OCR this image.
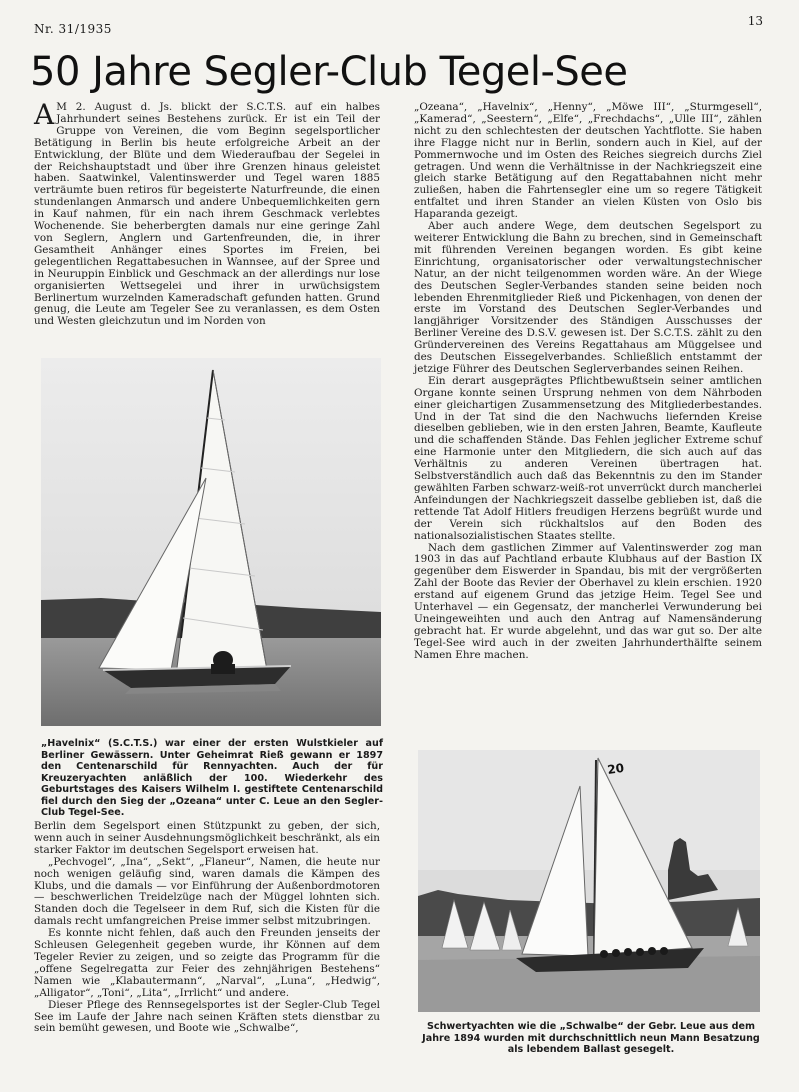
Nr. 31/1935
13
50 Jahre Segler-Club Tegel-See

A M 2. August d. Js. blickt der S.C.T.S. auf ein halbes Jahrhundert seines Bestehens zurück. Er ist ein Teil der Gruppe von Vereinen, die vom Beginn segelsportlicher Betätigung in Berlin bis heute erfolgreiche Arbeit an der Entwicklung, der Blüte und dem Wiederaufbau der Segelei in der Reichshauptstadt und über ihre Grenzen hinaus geleistet haben. Saatwinkel, Valentinswerder und Tegel waren 1885 verträumte buen retiros für begeisterte Naturfreunde, die einen stundenlangen Anmarsch und andere Unbequemlichkeiten gern in Kauf nahmen, für ein nach ihrem Geschmack verlebtes Wochenende. Sie beherbergten damals nur eine geringe Zahl von Seglern, Anglern und Gartenfreunden, die, in ihrer Gesamtheit Anhänger eines Sportes im Freien, bei gelegentlichen Regattabesuchen in Wannsee, auf der Spree und in Neuruppin Einblick und Geschmack an der allerdings nur lose organisierten Wettsegelei und ihrer in urwüchsigstem Berlinertum wurzelnden Kameradschaft gefunden hatten. Grund genug, die Leute am Tegeler See zu veranlassen, es dem Osten und Westen gleichzutun und im Norden von

„Havelnix“ (S.C.T.S.) war einer der ersten Wulstkieler auf Berliner Gewässern. Unter Geheimrat Rieß gewann er 1897 den Centenarschild für Rennyachten. Auch der für Kreuzeryachten anläßlich der 100. Wiederkehr des Geburtstages des Kaisers Wilhelm I. gestiftete Centenarschild fiel durch den Sieg der „Ozeana“ unter C. Leue an den Segler-Club Tegel-See.

Berlin dem Segelsport einen Stützpunkt zu geben, der sich, wenn auch in seiner Ausdehnungsmöglichkeit beschränkt, als ein starker Faktor im deutschen Segelsport erweisen hat.

„Pechvogel“, „Ina“, „Sekt“, „Flaneur“, Namen, die heute nur noch wenigen geläufig sind, waren damals die Kämpen des Klubs, und die damals — vor Einführung der Außenbordmotoren — beschwerlichen Treidelzüge nach der Müggel lohnten sich. Standen doch die Tegelseer in dem Ruf, sich die Kisten für die damals recht umfangreichen Preise immer selbst mitzubringen.

Es konnte nicht fehlen, daß auch den Freunden jenseits der Schleusen Gelegenheit gegeben wurde, ihr Können auf dem Tegeler Revier zu zeigen, und so zeigte das Programm für die „offene Segelregatta zur Feier des zehnjährigen Bestehens“ Namen wie „Klabautermann“, „Narval“, „Luna“, „Hedwig“, „Alligator“, „Toni“, „Lita“, „Irrlicht“ und andere.

Dieser Pflege des Rennsegelsportes ist der Segler-Club Tegel See im Laufe der Jahre nach seinen Kräften stets dienstbar zu sein bemüht gewesen, und Boote wie „Schwalbe“,

„Ozeana“, „Havelnix“, „Henny“, „Möwe III“, „Sturmgesell“, „Kamerad“, „Seestern“, „Elfe“, „Frechdachs“, „Ulle III“, zählen nicht zu den schlechtesten der deutschen Yachtflotte. Sie haben ihre Flagge nicht nur in Berlin, sondern auch in Kiel, auf der Pommernwoche und im Osten des Reiches siegreich durchs Ziel getragen. Und wenn die Verhältnisse in der Nachkriegszeit eine gleich starke Betätigung auf den Regattabahnen nicht mehr zuließen, haben die Fahrtensegler eine um so regere Tätigkeit entfaltet und ihren Stander an vielen Küsten von Oslo bis Haparanda gezeigt.

Aber auch andere Wege, dem deutschen Segelsport zu weiterer Entwicklung die Bahn zu brechen, sind in Gemeinschaft mit führenden Vereinen begangen worden. Es gibt keine Einrichtung, organisatorischer oder verwaltungstechnischer Natur, an der nicht teilgenommen worden wäre. An der Wiege des Deutschen Segler-Verbandes standen seine beiden noch lebenden Ehrenmitglieder Rieß und Pickenhagen, von denen der erste im Vorstand des Deutschen Segler-Verbandes und langjähriger Vorsitzender des Ständigen Ausschusses der Berliner Vereine des D.S.V. gewesen ist. Der S.C.T.S. zählt zu den Gründervereinen des Vereins Regattahaus am Müggelsee und des Deutschen Eissegelverbandes. Schließlich entstammt der jetzige Führer des Deutschen Seglerverbandes seinen Reihen.

Ein derart ausgeprägtes Pflichtbewußtsein seiner amtlichen Organe konnte seinen Ursprung nehmen von dem Nährboden einer gleichartigen Zusammensetzung des Mitgliederbestandes. Und in der Tat sind die den Nachwuchs liefernden Kreise dieselben geblieben, wie in den ersten Jahren, Beamte, Kaufleute und die schaffenden Stände. Das Fehlen jeglicher Extreme schuf eine Harmonie unter den Mitgliedern, die sich auch auf das Verhältnis zu anderen Vereinen übertragen hat. Selbstverständlich auch daß das Bekenntnis zu den im Stander gewählten Farben schwarz-weiß-rot unverrückt durch mancherlei Anfeindungen der Nachkriegszeit dasselbe geblieben ist, daß die rettende Tat Adolf Hitlers freudigen Herzens begrüßt wurde und der Verein sich rückhaltslos auf den Boden des nationalsozialistischen Staates stellte.

Nach dem gastlichen Zimmer auf Valentinswerder zog man 1903 in das auf Pachtland erbaute Klubhaus auf der Bastion IX gegenüber dem Eiswerder in Spandau, bis mit der vergrößerten Zahl der Boote das Revier der Oberhavel zu klein erschien. 1920 erstand auf eigenem Grund das jetzige Heim. Tegel See und Unterhavel — ein Gegensatz, der mancherlei Verwunderung bei Uneingeweihten und auch den Antrag auf Namensänderung gebracht hat. Er wurde abgelehnt, und das war gut so. Der alte Tegel-See wird auch in der zweiten Jahrhunderthälfte seinem Namen Ehre machen.

20
Schwertyachten wie die „Schwalbe“ der Gebr. Leue aus dem Jahre 1894 wurden mit durchschnittlich neun Mann Besatzung als lebendem Ballast gesegelt.
